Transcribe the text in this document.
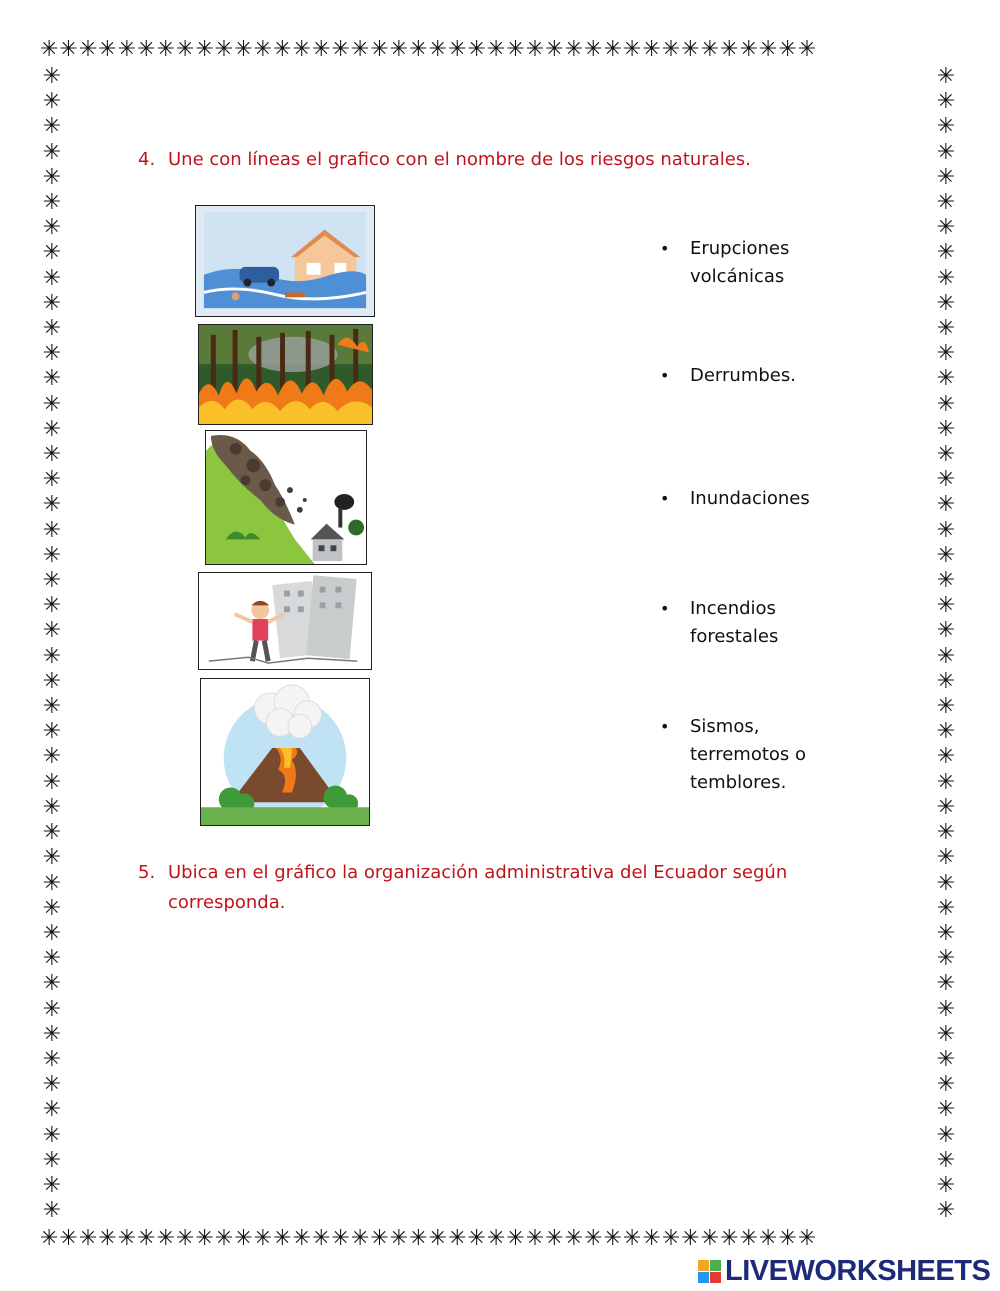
✳✳✳✳✳✳✳✳✳✳✳✳✳✳✳✳✳✳✳✳✳✳✳✳✳✳✳✳✳✳✳✳✳✳✳✳✳✳✳✳
✳✳✳✳✳✳✳✳✳✳✳✳✳✳✳✳✳✳✳✳✳✳✳✳✳✳✳✳✳✳✳✳✳✳✳✳✳✳✳✳
✳
✳
✳
✳
✳
✳
✳
✳
✳
✳
✳
✳
✳
✳
✳
✳
✳
✳
✳
✳
✳
✳
✳
✳
✳
✳
✳
✳
✳
✳
✳
✳
✳
✳
✳
✳
✳
✳
✳
✳
✳
✳
✳
✳
✳
✳
✳
✳
✳
✳
✳
✳
✳
✳
✳
✳
✳
✳
✳
✳
✳
✳
✳
✳
✳
✳
✳
✳
✳
✳
✳
✳
✳
✳
✳
✳
✳
✳
✳
✳
✳
✳
✳
✳
✳
✳
✳
✳
✳
✳
✳
✳
4. Une con líneas el grafico con el nombre de los riesgos naturales.
• Erupciones
volcánicas
• Derrumbes.
• Inundaciones
• Incendios
forestales
• Sismos,
terremotos o
temblores.
5. Ubica en el gráfico la organización administrativa del Ecuador según corresponda.
LIVEWORKSHEETS
